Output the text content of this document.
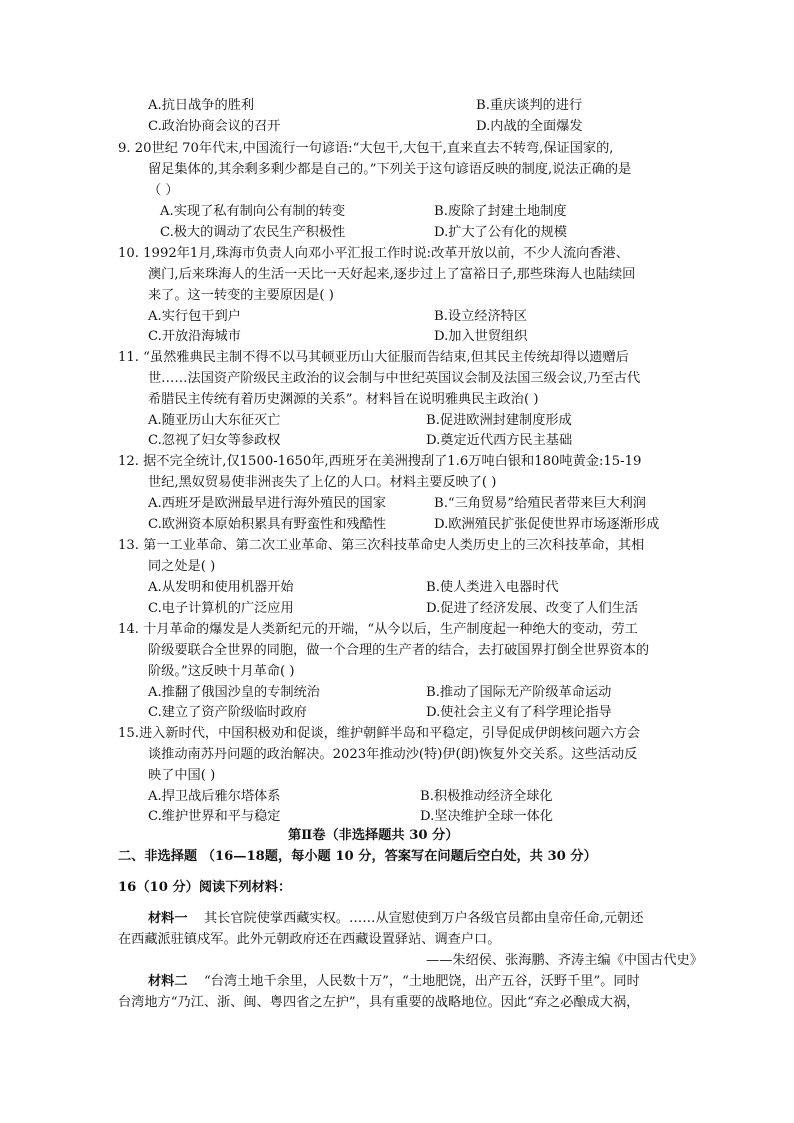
A.抗日战争的胜利	B.重庆谈判的进行
C.政治协商会议的召开	D.内战的全面爆发
9. 20世纪 70年代末,中国流行一句谚语:“大包干,大包干,直来直去不转弯,保证国家的,
留足集体的,其余剩多剩少都是自己的。”下列关于这句谚语反映的制度,说法正确的是
（ ）
A.实现了私有制向公有制的转变	B.废除了封建土地制度
C.极大的调动了农民生产积极性	D.扩大了公有化的规模
10. 1992年1月,珠海市负责人向邓小平汇报工作时说:改革开放以前，不少人流向香港、
澳门,后来珠海人的生活一天比一天好起来,逐步过上了富裕日子,那些珠海人也陆续回
来了。这一转变的主要原因是( )
A.实行包干到户	B.设立经济特区
C.开放沿海城市	D.加入世贸组织
11. “虽然雅典民主制不得不以马其顿亚历山大征服而告结束,但其民主传统却得以遗赠后
世……法国资产阶级民主政治的议会制与中世纪英国议会制及法国三级会议,乃至古代
希腊民主传统有着历史渊源的关系”。材料旨在说明雅典民主政治( )
A.随亚历山大东征灭亡	B.促进欧洲封建制度形成
C.忽视了妇女等参政权	D.奠定近代西方民主基础
12. 据不完全统计,仅1500-1650年,西班牙在美洲搜刮了1.6万吨白银和180吨黄金:15-19
世纪,黑奴贸易使非洲丧失了上亿的人口。材料主要反映了( )
A.西班牙是欧洲最早进行海外殖民的国家	B.“三角贸易”给殖民者带来巨大利润
C.欧洲资本原始积累具有野蛮性和残酷性	D.欧洲殖民扩张促使世界市场逐渐形成
13. 第一工业革命、第二次工业革命、第三次科技革命史人类历史上的三次科技革命，其相
同之处是( )
A.从发明和使用机器开始	B.使人类进入电器时代
C.电子计算机的广泛应用	D.促进了经济发展、改变了人们生活
14. 十月革命的爆发是人类新纪元的开端，“从今以后，生产制度起一种绝大的变动，劳工
阶级要联合全世界的同胞，做一个合理的生产者的结合，去打破国界打倒全世界资本的
阶级。”这反映十月革命( )
A.推翻了俄国沙皇的专制统治	B.推动了国际无产阶级革命运动
C.建立了资产阶级临时政府	D.使社会主义有了科学理论指导
15.进入新时代，中国积极劝和促谈，维护朝鲜半岛和平稳定，引导促成伊朗核问题六方会
谈推动南苏丹问题的政治解决。2023年推动沙(特)伊(朗)恢复外交关系。这些活动反
映了中国( )
A.捍卫战后雅尔塔体系	B.积极推动经济全球化
C.维护世界和平与稳定	D.坚决维护全球一体化
第Ⅱ卷（非选择题共 30 分）
二、非选择题 （16—18题，每小题 10 分，答案写在问题后空白处，共 30 分）
16（10 分）阅读下列材料：
材料一 其长官院使掌西藏实权。……从宣慰使到万户各级官员都由皇帝任命,元朝还
在西藏派驻镇戍军。此外元朝政府还在西藏设置驿站、调查户口。
——朱绍侯、张海鹏、齐涛主编《中国古代史》
材料二 “台湾土地千余里，人民数十万”，“土地肥饶，出产五谷，沃野千里”。同时
台湾地方“乃江、浙、闽、粤四省之左护”，具有重要的战略地位。因此“弃之必酿成大祸，
